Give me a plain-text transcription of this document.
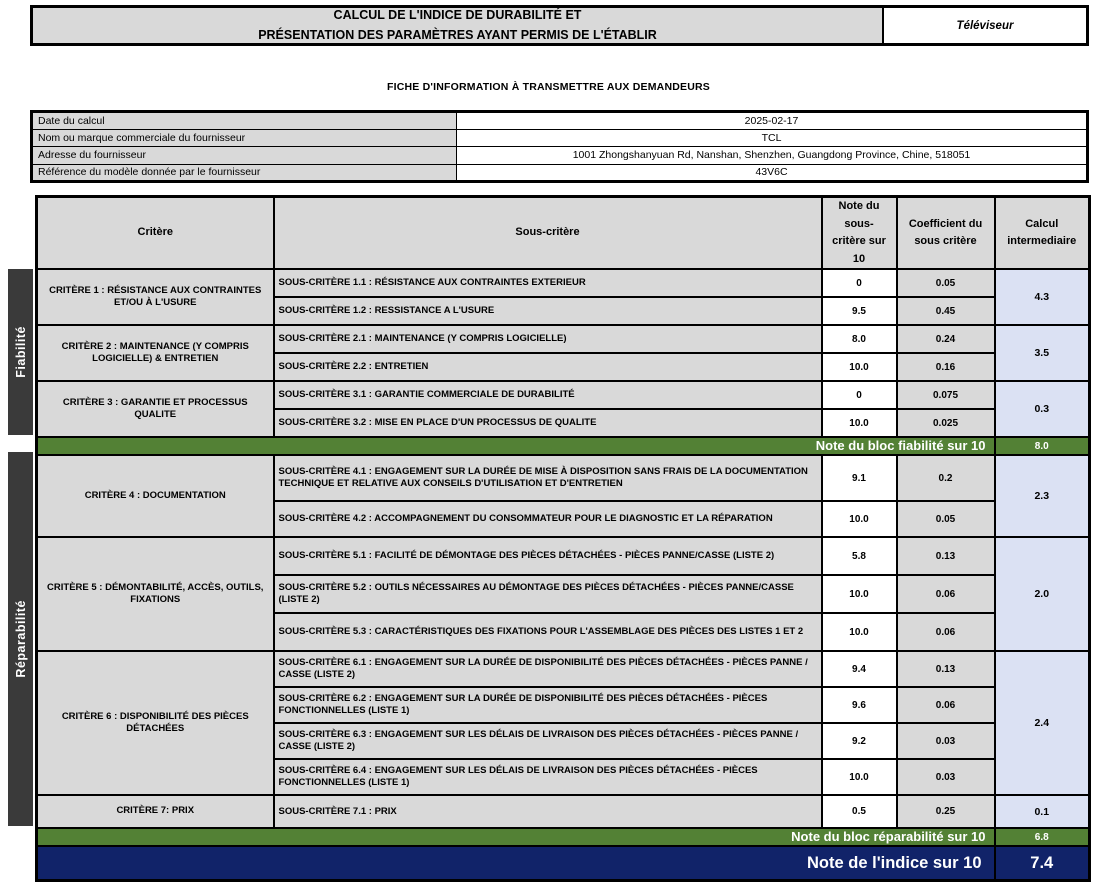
CALCUL DE L'INDICE DE DURABILITÉ ET
PRÉSENTATION DES PARAMÈTRES AYANT PERMIS DE L'ÉTABLIR
Téléviseur
FICHE D'INFORMATION À TRANSMETTRE AUX DEMANDEURS
Date du calcul	2025-02-17
Nom ou marque commerciale du fournisseur	TCL
Adresse du fournisseur	1001 Zhongshanyuan Rd, Nanshan, Shenzhen, Guangdong Province, Chine, 518051
Référence du modèle donnée par le fournisseur	43V6C
Fiabilité
Réparabilité
Critère	Sous-critère	Note du sous-critère sur 10	Coefficient du sous critère	Calcul intermediaire
CRITÈRE 1 : RÉSISTANCE AUX CONTRAINTES ET/OU À L'USURE	SOUS-CRITÈRE 1.1 : RÉSISTANCE AUX CONTRAINTES EXTERIEUR	0	0.05	4.3
	SOUS-CRITÈRE 1.2 : RESSISTANCE A L'USURE	9.5	0.45	
CRITÈRE 2 : MAINTENANCE (Y COMPRIS LOGICIELLE) & ENTRETIEN	SOUS-CRITÈRE 2.1 : MAINTENANCE (Y COMPRIS LOGICIELLE)	8.0	0.24	3.5
	SOUS-CRITÈRE 2.2 : ENTRETIEN	10.0	0.16	
CRITÈRE 3 : GARANTIE ET PROCESSUS QUALITE	SOUS-CRITÈRE 3.1 : GARANTIE COMMERCIALE DE DURABILITÉ	0	0.075	0.3
	SOUS-CRITÈRE 3.2 : MISE EN PLACE D'UN PROCESSUS DE QUALITE	10.0	0.025	
Note du bloc fiabilité sur 10				8.0
CRITÈRE 4 : DOCUMENTATION	SOUS-CRITÈRE 4.1 : ENGAGEMENT SUR LA DURÉE DE MISE À DISPOSITION SANS FRAIS DE LA DOCUMENTATION TECHNIQUE ET RELATIVE AUX CONSEILS D'UTILISATION ET D'ENTRETIEN	9.1	0.2	2.3
	SOUS-CRITÈRE 4.2 : ACCOMPAGNEMENT DU CONSOMMATEUR POUR LE DIAGNOSTIC ET LA RÉPARATION	10.0	0.05	
CRITÈRE 5 : DÉMONTABILITÉ, ACCÈS, OUTILS, FIXATIONS	SOUS-CRITÈRE 5.1 : FACILITÉ DE DÉMONTAGE DES PIÈCES DÉTACHÉES - PIÈCES PANNE/CASSE (LISTE 2)	5.8	0.13	2.0
	SOUS-CRITÈRE 5.2 : OUTILS NÉCESSAIRES AU DÉMONTAGE DES PIÈCES DÉTACHÉES - PIÈCES PANNE/CASSE (LISTE 2)	10.0	0.06	
	SOUS-CRITÈRE 5.3 : CARACTÉRISTIQUES DES FIXATIONS POUR L'ASSEMBLAGE DES PIÈCES DES LISTES 1 ET 2	10.0	0.06	
CRITÈRE 6 : DISPONIBILITÉ DES PIÈCES DÉTACHÉES	SOUS-CRITÈRE 6.1 : ENGAGEMENT SUR LA DURÉE DE DISPONIBILITÉ DES PIÈCES DÉTACHÉES - PIÈCES PANNE / CASSE (LISTE 2)	9.4	0.13	2.4
	SOUS-CRITÈRE 6.2 : ENGAGEMENT SUR LA DURÉE DE DISPONIBILITÉ DES PIÈCES DÉTACHÉES - PIÈCES FONCTIONNELLES (LISTE 1)	9.6	0.06	
	SOUS-CRITÈRE 6.3 : ENGAGEMENT SUR LES DÉLAIS DE LIVRAISON DES PIÈCES DÉTACHÉES - PIÈCES PANNE / CASSE (LISTE 2)	9.2	0.03	
	SOUS-CRITÈRE 6.4 : ENGAGEMENT SUR LES DÉLAIS DE LIVRAISON DES PIÈCES DÉTACHÉES - PIÈCES FONCTIONNELLES (LISTE 1)	10.0	0.03	
CRITÈRE 7: PRIX	SOUS-CRITÈRE 7.1 : PRIX	0.5	0.25	0.1
Note du bloc réparabilité sur 10				6.8
Note de l'indice sur 10				7.4
